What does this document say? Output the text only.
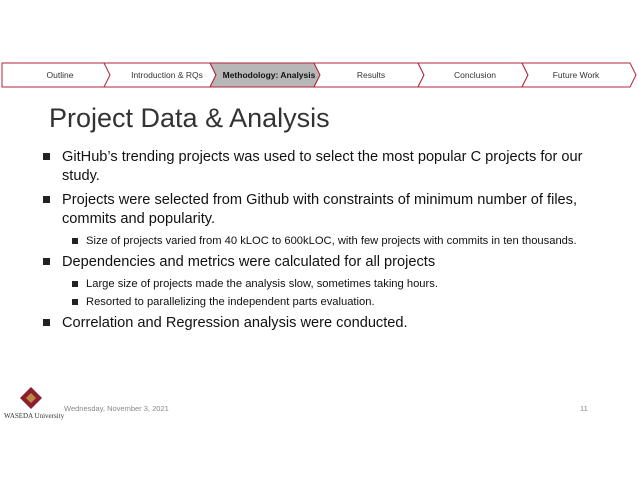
Outline	Introduction & RQs	Methodology: Analysis	Results	Conclusion	Future Work
Project Data & Analysis
GitHub’s trending projects was used to select the most popular C projects for our study.
Projects were selected from Github with constraints of minimum number of files, commits and popularity.
Size of projects varied from 40 kLOC to 600kLOC, with few projects with commits in ten thousands.
Dependencies and metrics were calculated for all projects
Large size of projects made the analysis slow, sometimes taking hours.
Resorted to parallelizing the independent parts evaluation.
Correlation and Regression analysis were conducted.
WASEDA University
Wednesday, November 3, 2021	11
